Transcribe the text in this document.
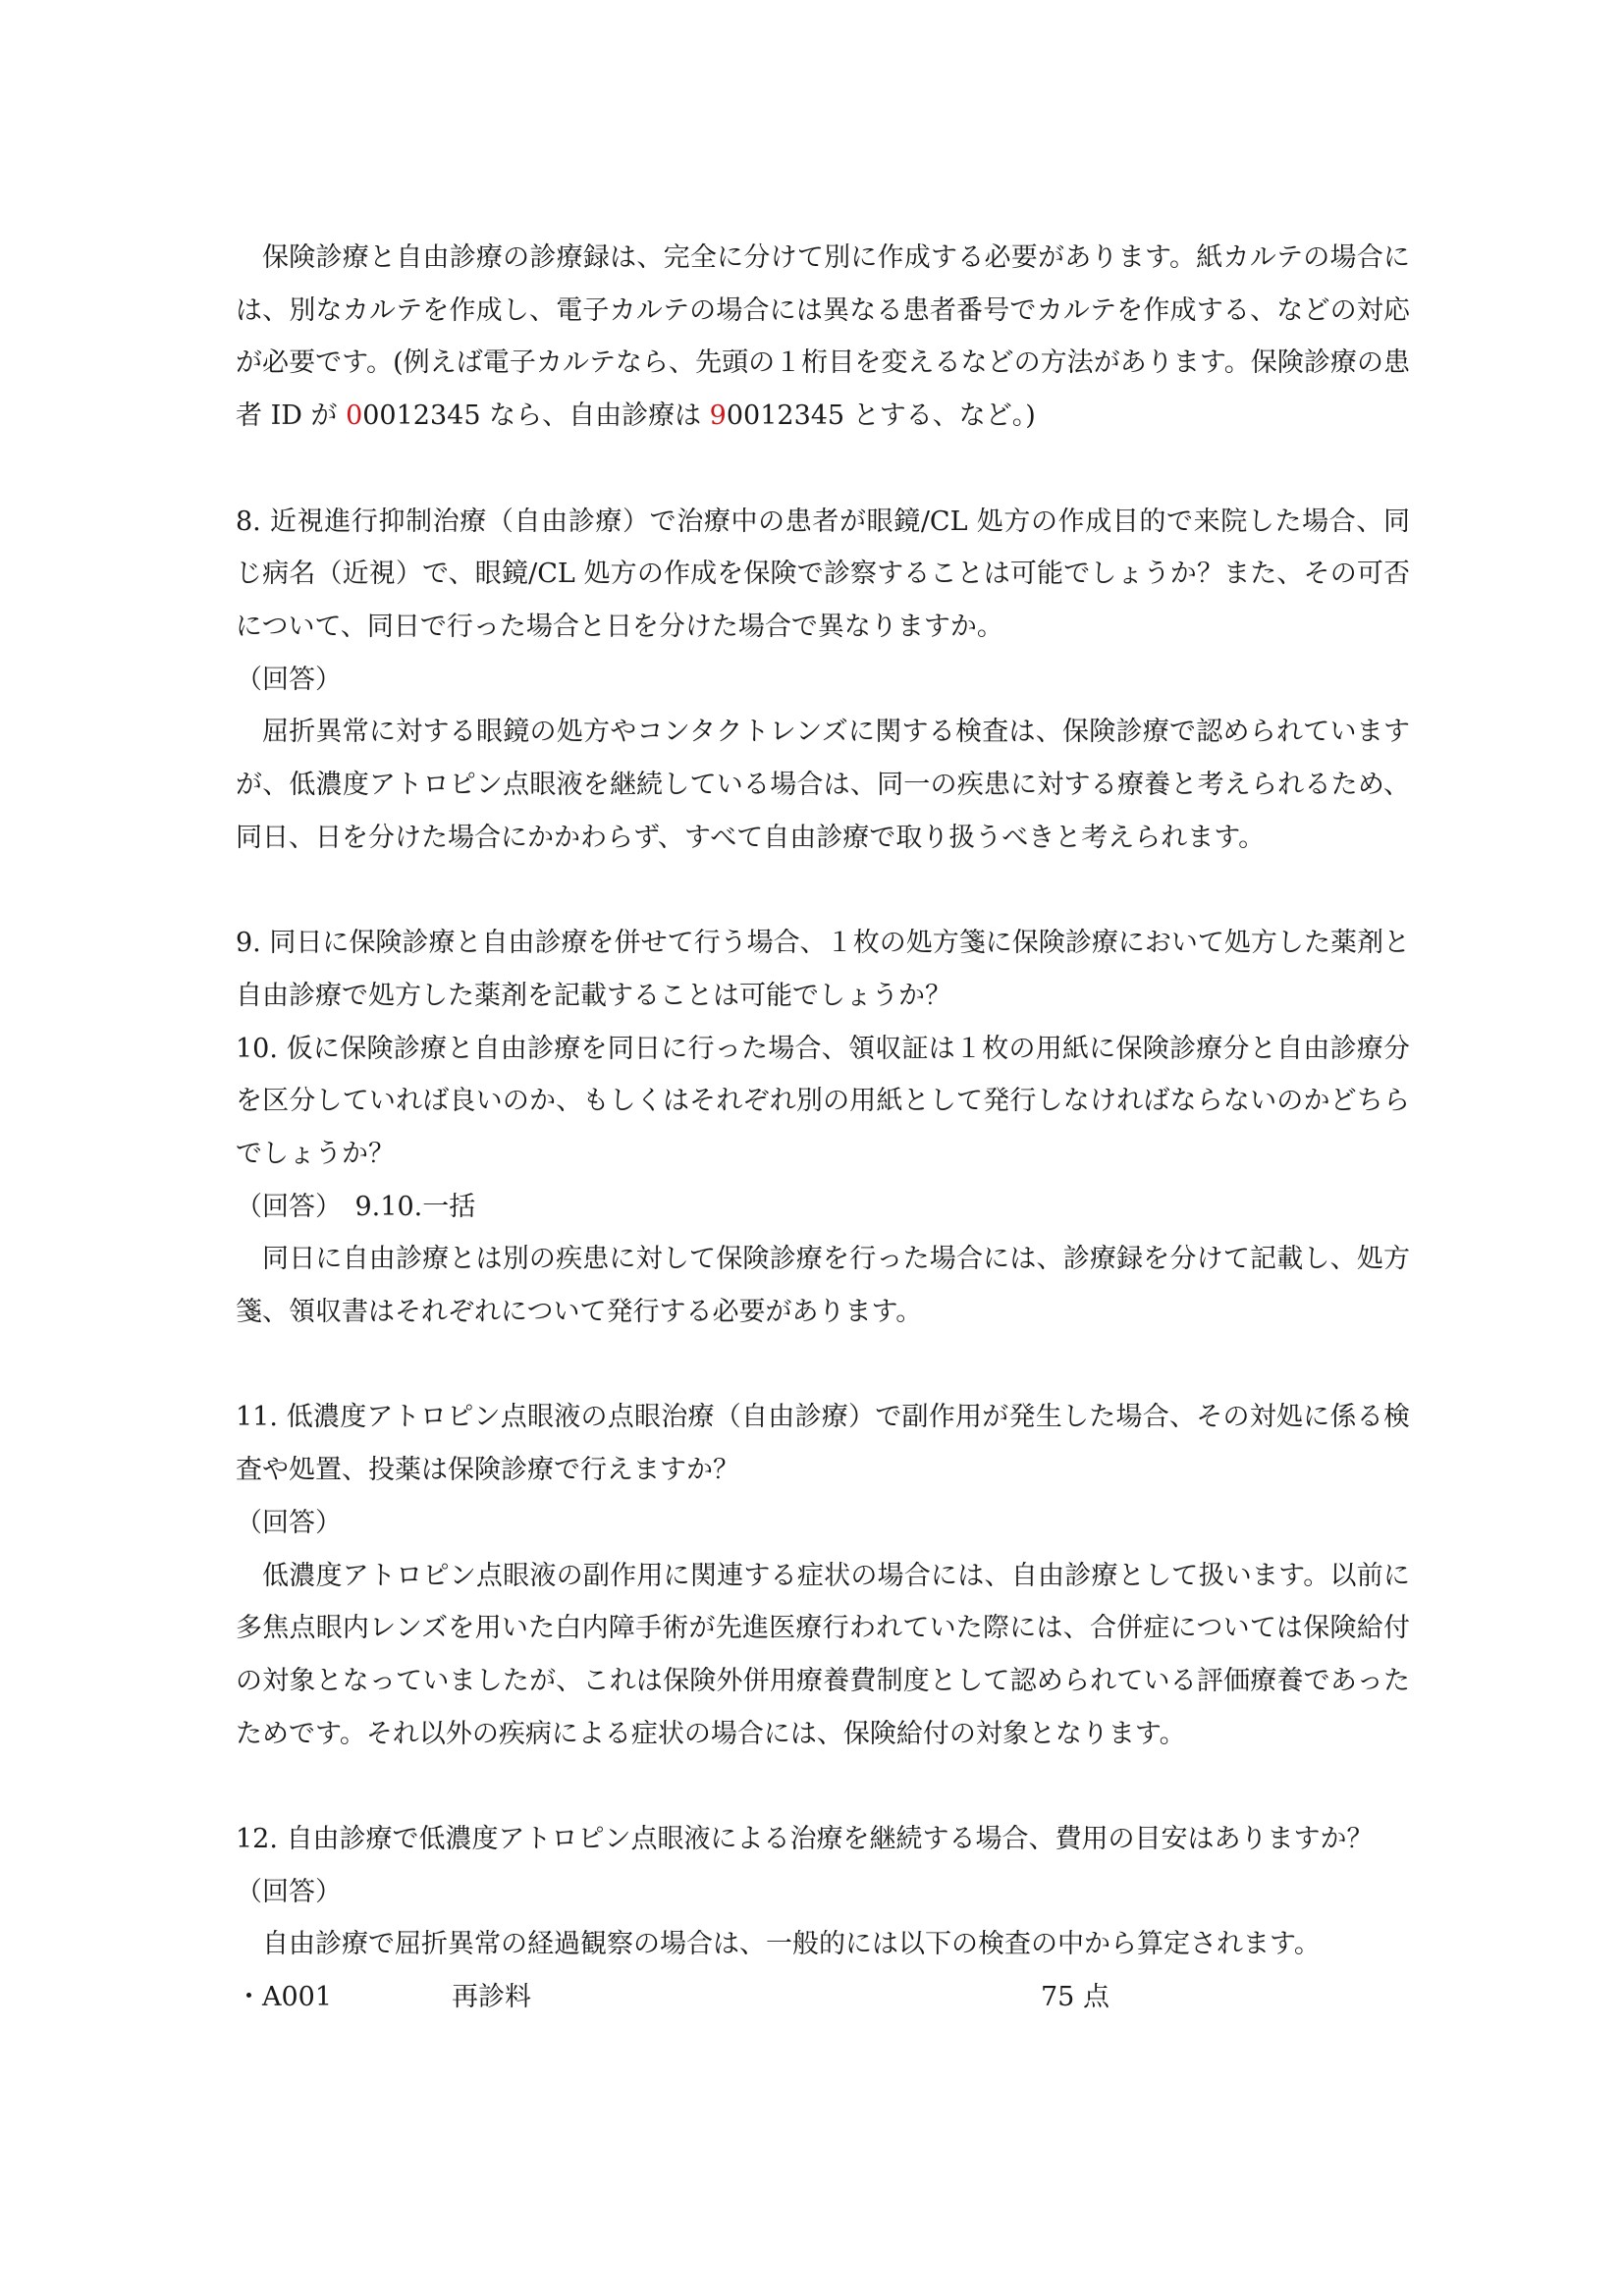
保険診療と自由診療の診療録は、完全に分けて別に作成する必要があります。紙カルテの場合には、別なカルテを作成し、電子カルテの場合には異なる患者番号でカルテを作成する、などの対応が必要です。(例えば電子カルテなら、先頭の１桁目を変えるなどの方法があります。保険診療の患者 ID が 00012345 なら、自由診療は 90012345 とする、など。)

8. 近視進行抑制治療（自由診療）で治療中の患者が眼鏡/CL 処方の作成目的で来院した場合、同じ病名（近視）で、眼鏡/CL 処方の作成を保険で診察することは可能でしょうか？また、その可否について、同日で行った場合と日を分けた場合で異なりますか。

（回答）

屈折異常に対する眼鏡の処方やコンタクトレンズに関する検査は、保険診療で認められていますが、低濃度アトロピン点眼液を継続している場合は、同一の疾患に対する療養と考えられるため、同日、日を分けた場合にかかわらず、すべて自由診療で取り扱うべきと考えられます。

9. 同日に保険診療と自由診療を併せて行う場合、１枚の処方箋に保険診療において処方した薬剤と自由診療で処方した薬剤を記載することは可能でしょうか？

10. 仮に保険診療と自由診療を同日に行った場合、領収証は１枚の用紙に保険診療分と自由診療分を区分していれば良いのか、もしくはそれぞれ別の用紙として発行しなければならないのかどちらでしょうか？

（回答）　 9.10.一括

同日に自由診療とは別の疾患に対して保険診療を行った場合には、診療録を分けて記載し、処方箋、領収書はそれぞれについて発行する必要があります。

11. 低濃度アトロピン点眼液の点眼治療（自由診療）で副作用が発生した場合、その対処に係る検査や処置、投薬は保険診療で行えますか？

（回答）

低濃度アトロピン点眼液の副作用に関連する症状の場合には、自由診療として扱います。以前に多焦点眼内レンズを用いた白内障手術が先進医療行われていた際には、合併症については保険給付の対象となっていましたが、これは保険外併用療養費制度として認められている評価療養であったためです。それ以外の疾病による症状の場合には、保険給付の対象となります。

12. 自由診療で低濃度アトロピン点眼液による治療を継続する場合、費用の目安はありますか？

（回答）

自由診療で屈折異常の経過観察の場合は、一般的には以下の検査の中から算定されます。

・A001	再診料	75 点
